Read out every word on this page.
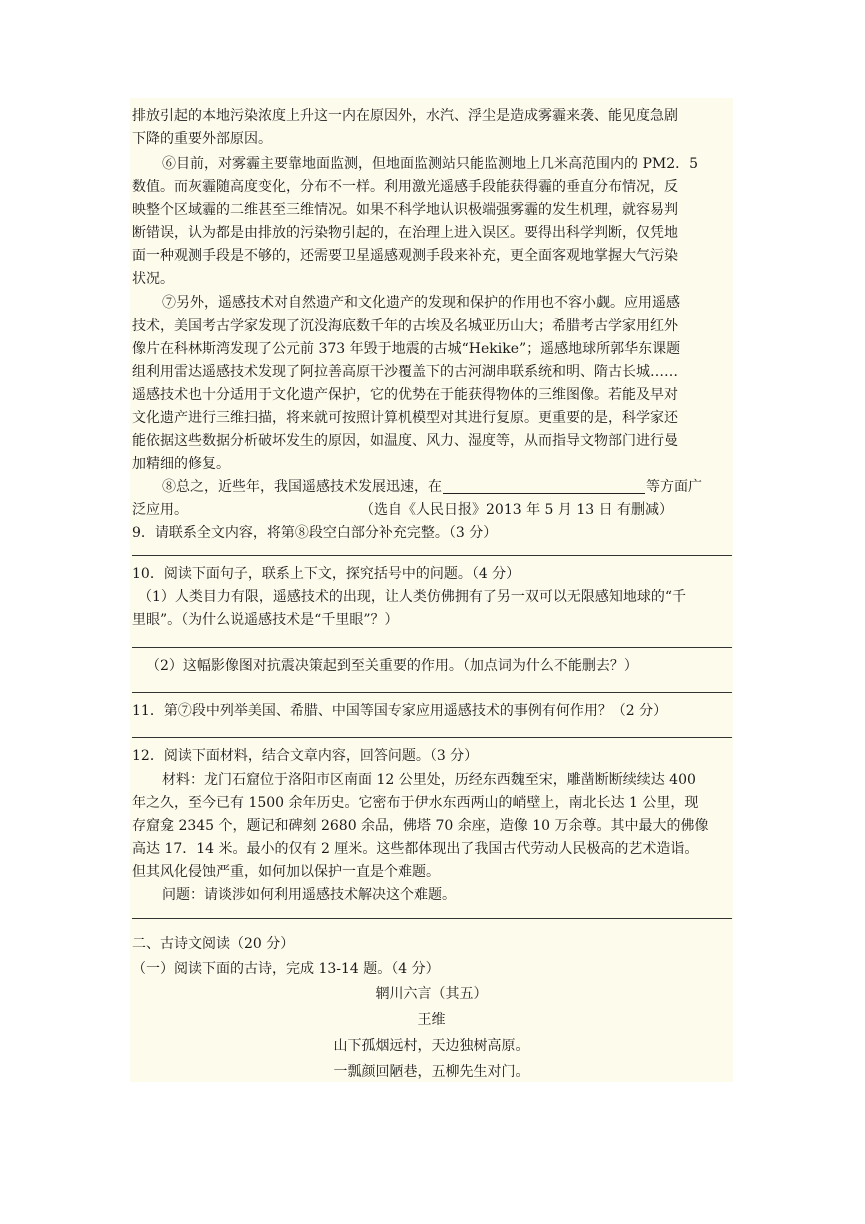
排放引起的本地污染浓度上升这一内在原因外，水汽、浮尘是造成雾霾来袭、能见度急剧
下降的重要外部原因。
⑥目前，对雾霾主要靠地面监测，但地面监测站只能监测地上几米高范围内的 PM2．5
数值。而灰霾随高度变化，分布不一样。利用激光遥感手段能获得霾的垂直分布情况，反
映整个区域霾的二维甚至三维情况。如果不科学地认识极端强雾霾的发生机理，就容易判
断错误，认为都是由排放的污染物引起的，在治理上进入误区。要得出科学判断，仅凭地
面一种观测手段是不够的，还需要卫星遥感观测手段来补充，更全面客观地掌握大气污染
状况。
⑦另外，遥感技术对自然遗产和文化遗产的发现和保护的作用也不容小觑。应用遥感
技术，美国考古学家发现了沉没海底数千年的古埃及名城亚历山大；希腊考古学家用红外
像片在科林斯湾发现了公元前 373 年毁于地震的古城“Hekike”；遥感地球所郭华东课题
组利用雷达遥感技术发现了阿拉善高原干沙覆盖下的古河湖串联系统和明、隋古长城……
遥感技术也十分适用于文化遗产保护，它的优势在于能获得物体的三维图像。若能及早对
文化遗产进行三维扫描，将来就可按照计算机模型对其进行复原。更重要的是，科学家还
能依据这些数据分析破坏发生的原因，如温度、风力、湿度等，从而指导文物部门进行曼
加精细的修复。
⑧总之，近些年，我国遥感技术发展迅速，在	等方面广
泛应用。	（选自《人民日报》2013 年 5 月 13 日 有删减）
9．请联系全文内容，将第⑧段空白部分补充完整。（3 分）
10．阅读下面句子，联系上下文，探究括号中的问题。（4 分）
（1）人类目力有限，遥感技术的出现，让人类仿佛拥有了另一双可以无限感知地球的“千
里眼”。（为什么说遥感技术是“千里眼”？）
（2）这幅影像图对抗震决策起到至关重要的作用。（加点词为什么不能删去？）
11．第⑦段中列举美国、希腊、中国等国专家应用遥感技术的事例有何作用？（2 分）
12．阅读下面材料，结合文章内容，回答问题。（3 分）
材料：龙门石窟位于洛阳市区南面 12 公里处，历经东西魏至宋，雕凿断断续续达 400
年之久，至今已有 1500 余年历史。它密布于伊水东西两山的峭壁上，南北长达 1 公里，现
存窟龛 2345 个，题记和碑刻 2680 余品，佛塔 70 余座，造像 10 万余尊。其中最大的佛像
高达 17．14 米。最小的仅有 2 厘米。这些都体现出了我国古代劳动人民极高的艺术造诣。
但其风化侵蚀严重，如何加以保护一直是个难题。
问题：请谈涉如何利用遥感技术解决这个难题。
二、古诗文阅读（20 分）
（一）阅读下面的古诗，完成 13-14 题。（4 分）
辋川六言（其五）
王维
山下孤烟远村，天边独树高原。
一瓢颜回陋巷，五柳先生对门。
